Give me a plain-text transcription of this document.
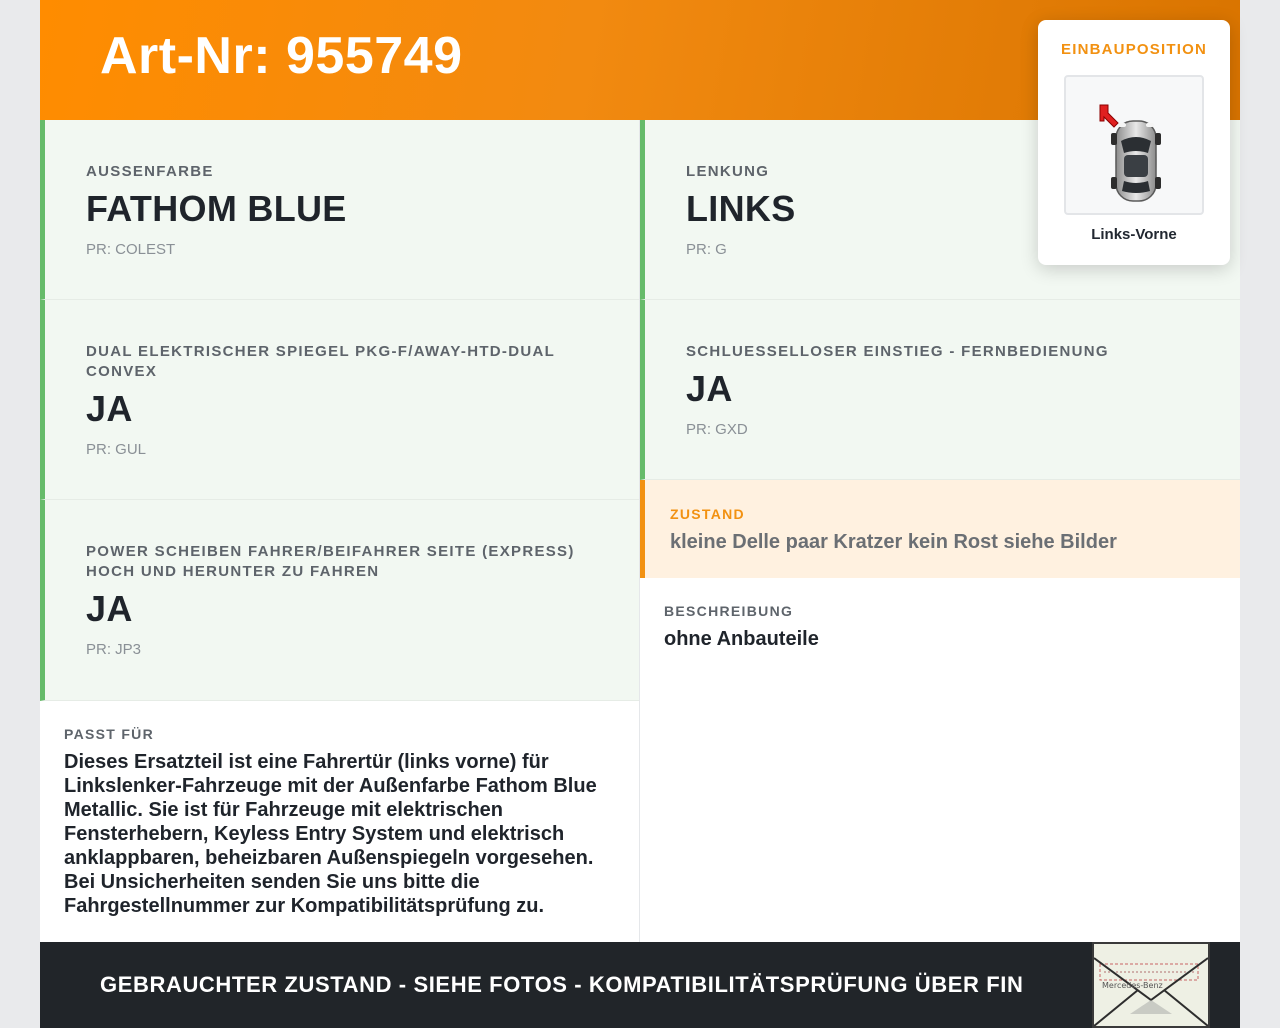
Art-Nr: 955749	EINBAUPOSITION
Links-Vorne
AUSSENFARBE
FATHOM BLUE
PR: COLEST
LENKUNG
LINKS
PR: G
DUAL ELEKTRISCHER SPIEGEL PKG-F/AWAY-HTD-DUAL CONVEX
JA
PR: GUL
SCHLUESSELLOSER EINSTIEG - FERNBEDIENUNG
JA
PR: GXD
POWER SCHEIBEN FAHRER/BEIFAHRER SEITE (EXPRESS) HOCH UND HERUNTER ZU FAHREN
JA
PR: JP3
ZUSTAND
kleine Delle paar Kratzer kein Rost siehe Bilder
BESCHREIBUNG
ohne Anbauteile
PASST FÜR
Dieses Ersatzteil ist eine Fahrertür (links vorne) für Linkslenker-Fahrzeuge mit der Außenfarbe Fathom Blue Metallic. Sie ist für Fahrzeuge mit elektrischen Fensterhebern, Keyless Entry System und elektrisch anklappbaren, beheizbaren Außenspiegeln vorgesehen. Bei Unsicherheiten senden Sie uns bitte die Fahrgestellnummer zur Kompatibilitätsprüfung zu.
GEBRAUCHTER ZUSTAND - SIEHE FOTOS - KOMPATIBILITÄTSPRÜFUNG ÜBER FIN	Mercedes-Benz
